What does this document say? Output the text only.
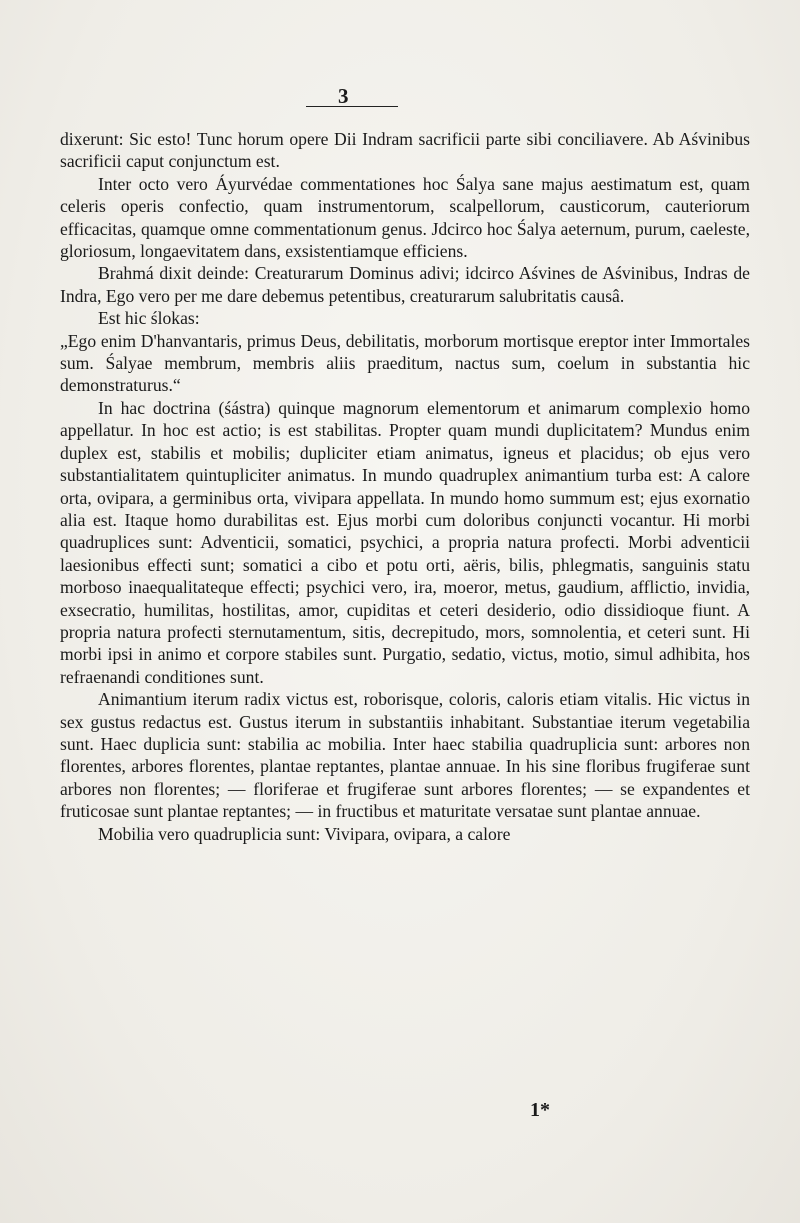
3

dixerunt: Sic esto! Tunc horum opere Dii Indram sacrificii parte sibi conciliavere. Ab Aśvinibus sacrificii caput conjunctum est.

Inter octo vero Áyurvédae commentationes hoc Śalya sane majus aestimatum est, quam celeris operis confectio, quam instrumentorum, scalpellorum, causticorum, cauteriorum efficacitas, quamque omne commentationum genus. Jdcirco hoc Śalya aeternum, purum, caeleste, gloriosum, longaevitatem dans, exsistentiamque efficiens.

Brahmá dixit deinde: Creaturarum Dominus adivi; idcirco Aśvines de Aśvinibus, Indras de Indra, Ego vero per me dare debemus petentibus, creaturarum salubritatis causâ.

Est hic ślokas:

„Ego enim D'hanvantaris, primus Deus, debilitatis, morborum mortisque ereptor inter Immortales sum. Śalyae membrum, membris aliis praeditum, nactus sum, coelum in substantia hic demonstraturus.“

In hac doctrina (śástra) quinque magnorum elementorum et animarum complexio homo appellatur. In hoc est actio; is est stabilitas. Propter quam mundi duplicitatem? Mundus enim duplex est, stabilis et mobilis; dupliciter etiam animatus, igneus et placidus; ob ejus vero substantialitatem quintupliciter animatus. In mundo quadruplex animantium turba est: A calore orta, ovipara, a germinibus orta, vivipara appellata. In mundo homo summum est; ejus exornatio alia est. Itaque homo durabilitas est. Ejus morbi cum doloribus conjuncti vocantur. Hi morbi quadruplices sunt: Adventicii, somatici, psychici, a propria natura profecti. Morbi adventicii laesionibus effecti sunt; somatici a cibo et potu orti, aëris, bilis, phlegmatis, sanguinis statu morboso inaequalitateque effecti; psychici vero, ira, moeror, metus, gaudium, afflictio, invidia, exsecratio, humilitas, hostilitas, amor, cupiditas et ceteri desiderio, odio dissidioque fiunt. A propria natura profecti sternutamentum, sitis, decrepitudo, mors, somnolentia, et ceteri sunt. Hi morbi ipsi in animo et corpore stabiles sunt. Purgatio, sedatio, victus, motio, simul adhibita, hos refraenandi conditiones sunt.

Animantium iterum radix victus est, roborisque, coloris, caloris etiam vitalis. Hic victus in sex gustus redactus est. Gustus iterum in substantiis inhabitant. Substantiae iterum vegetabilia sunt. Haec duplicia sunt: stabilia ac mobilia. Inter haec stabilia quadruplicia sunt: arbores non florentes, arbores florentes, plantae reptantes, plantae annuae. In his sine floribus frugiferae sunt arbores non florentes; — floriferae et frugiferae sunt arbores florentes; — se expandentes et fruticosae sunt plantae reptantes; — in fructibus et maturitate versatae sunt plantae annuae.

Mobilia vero quadruplicia sunt: Vivipara, ovipara, a calore

1*
